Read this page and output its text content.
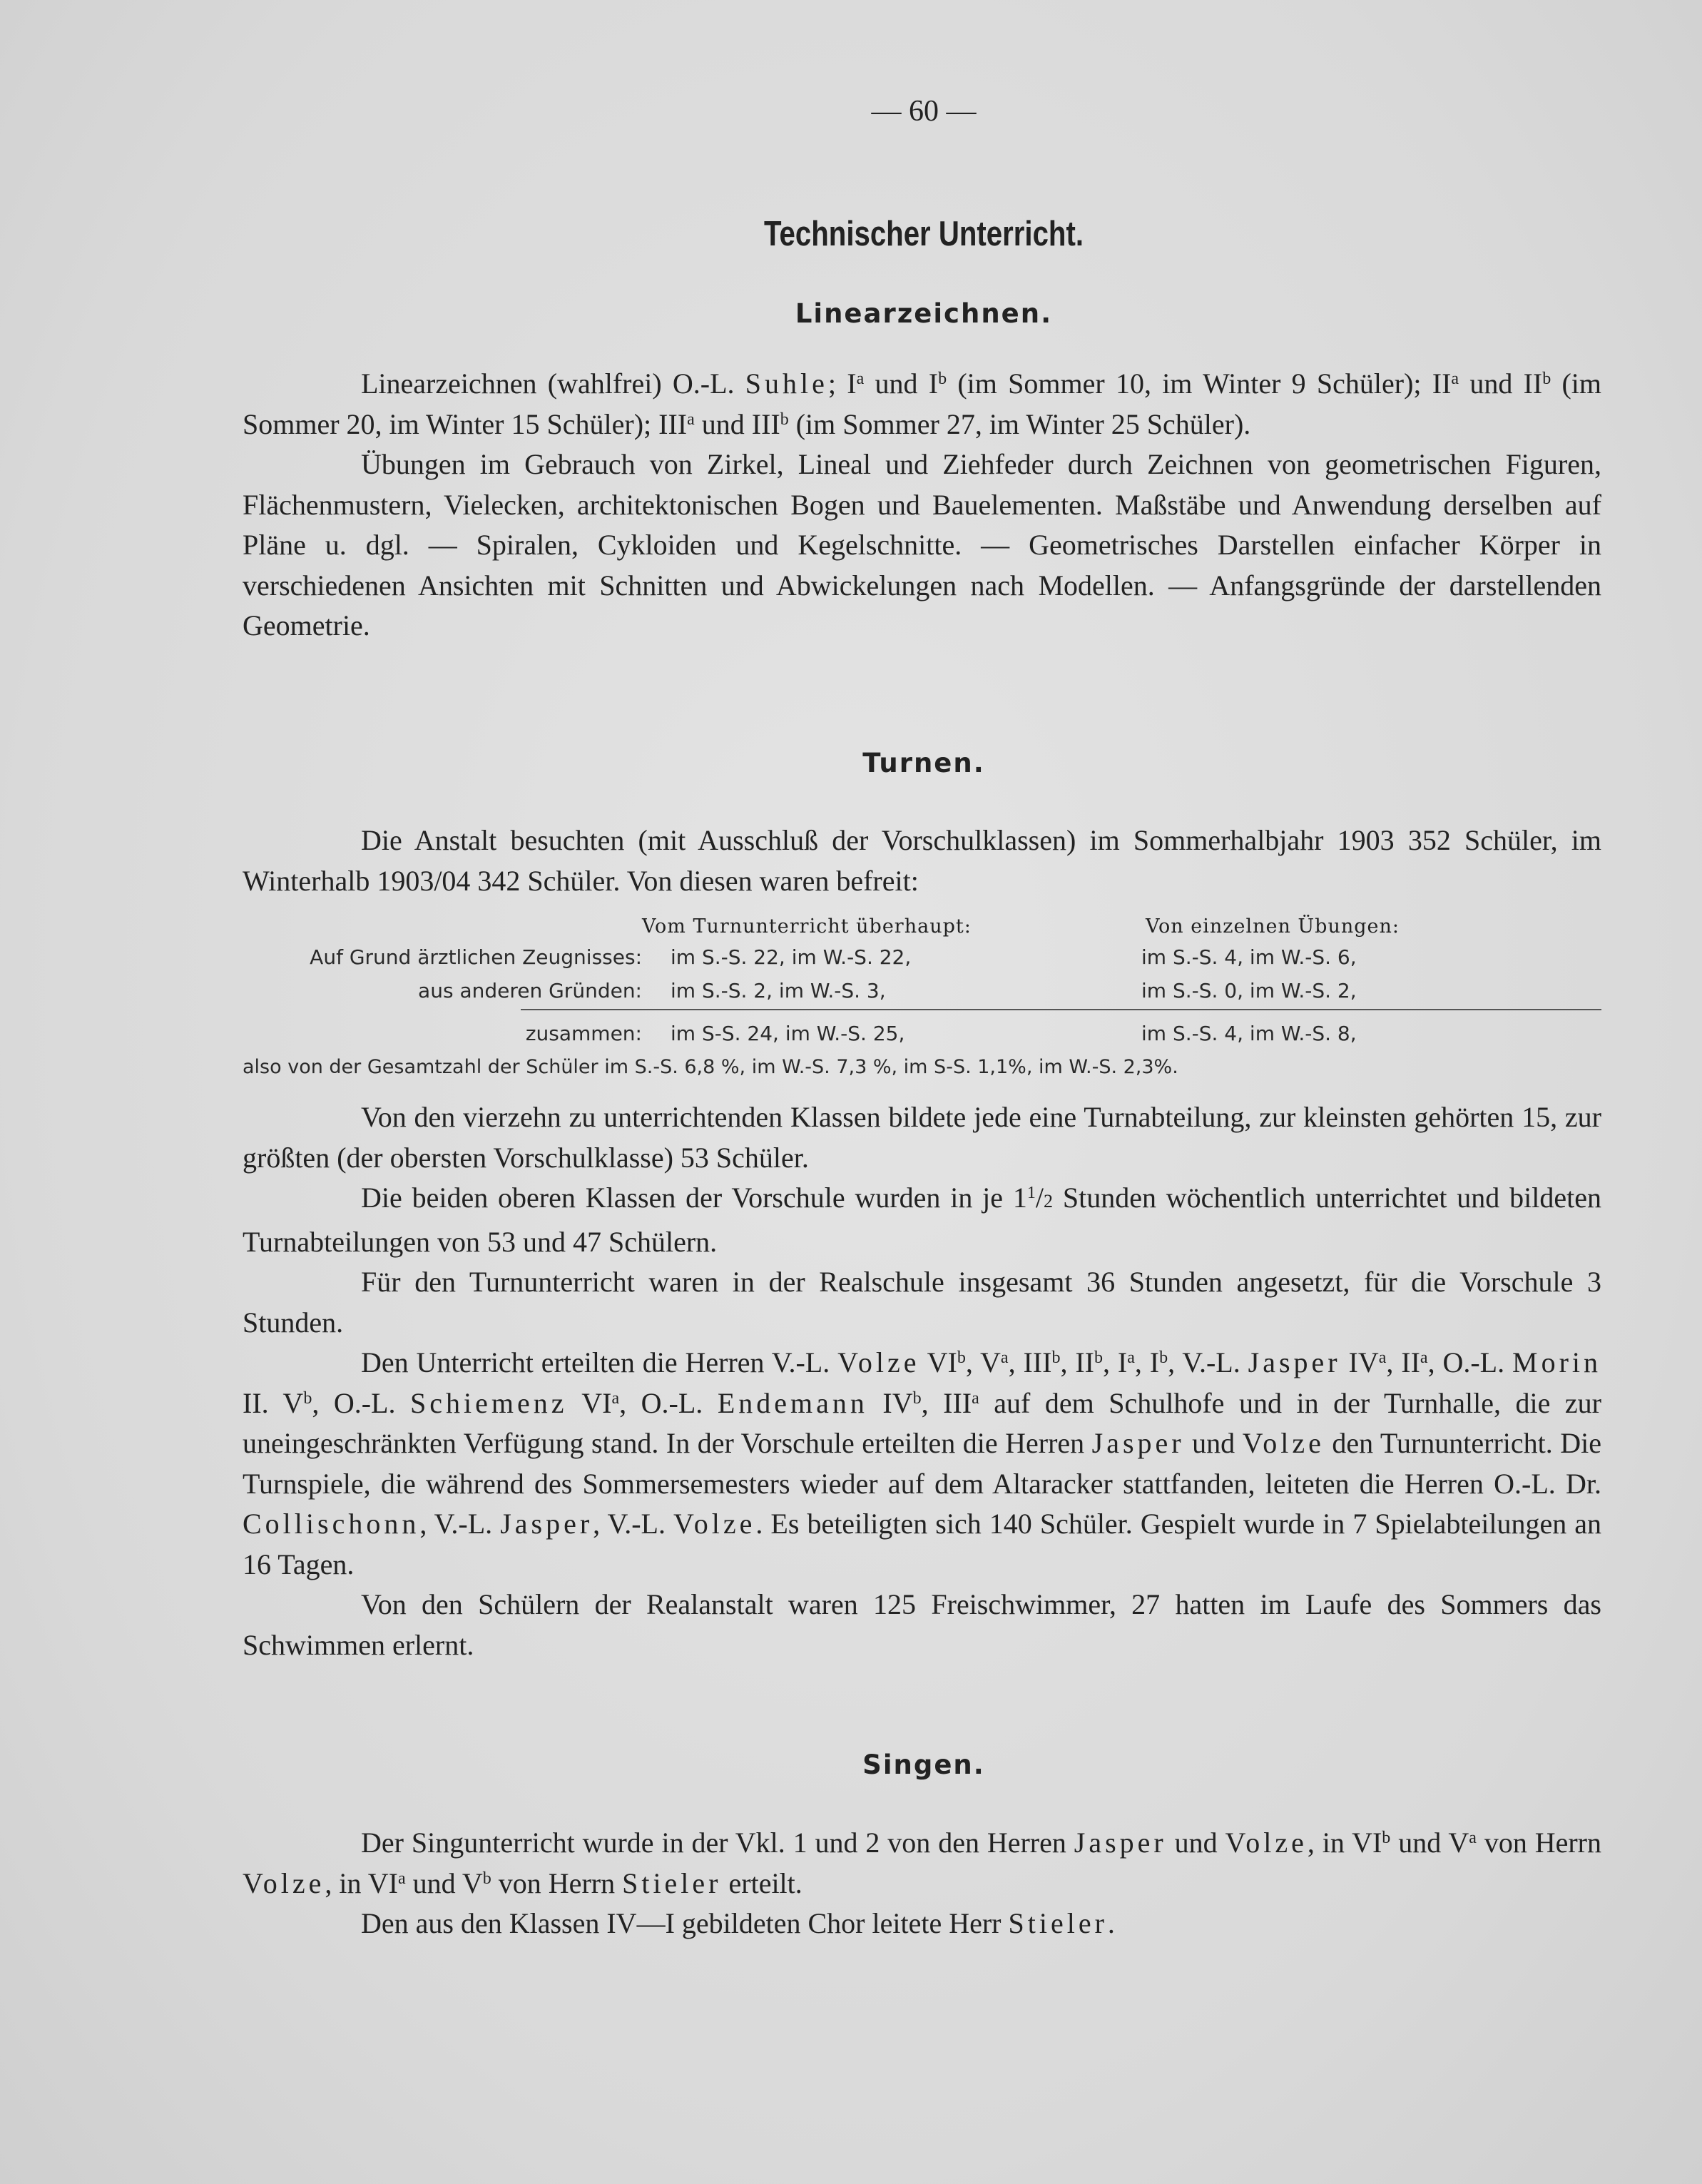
— 60 —
Technischer Unterricht.
Linearzeichnen.

Linearzeichnen (wahlfrei) O.-L. Suhle; $I^a$ und $I^b$ (im Sommer 10, im Winter 9 Schüler); $II^a$ und $II^b$ (im Sommer 20, im Winter 15 Schüler); III$^a$ und III$^b$ (im Sommer 27, im Winter 25 Schüler).

Übungen im Gebrauch von Zirkel, Lineal und Ziehfeder durch Zeichnen von geometrischen Figuren, Flächenmustern, Vielecken, architektonischen Bogen und Bauelementen. Maßstäbe und Anwendung derselben auf Pläne u. dgl. — Spiralen, Cykloiden und Kegelschnitte. — Geometrisches Darstellen einfacher Körper in verschiedenen Ansichten mit Schnitten und Abwickelungen nach Modellen. — Anfangsgründe der darstellenden Geometrie.

Turnen.

Die Anstalt besuchten (mit Ausschluß der Vorschulklassen) im Sommerhalbjahr 1903 352 Schüler, im Winterhalb 1903/04 342 Schüler. Von diesen waren befreit:

Vom Turnunterricht überhaupt:	Von einzelnen Übungen:
Auf Grund ärztlichen Zeugnisses: im S.-S. 22, im W.-S. 22,	im S.-S. 4, im W.-S. 6,
aus anderen Gründen: im S.-S. 2, im W.-S. 3,	im S.-S. 0, im W.-S. 2,
zusammen: im S-S. 24, im W.-S. 25,	im S.-S. 4, im W.-S. 8,
also von der Gesamtzahl der Schüler im S.-S. 6,8 %, im W.-S. 7,3 %, im S-S. 1,1%, im W.-S. 2,3%.

Von den vierzehn zu unterrichtenden Klassen bildete jede eine Turnabteilung, zur kleinsten gehörten 15, zur größten (der obersten Vorschulklasse) 53 Schüler.

Die beiden oberen Klassen der Vorschule wurden in je $1^1/2$ Stunden wöchentlich unterrichtet und bildeten Turnabteilungen von 53 und 47 Schülern.

Für den Turnunterricht waren in der Realschule insgesamt 36 Stunden angesetzt, für die Vorschule 3 Stunden.

Den Unterricht erteilten die Herren V.-L. Volze $VI^b$, $V^a$, III$^b$, $II^b$, $I^a$, $I^b$, V.-L. Jasper $IV^a$, $II^a$, O.-L. Morin II. $V^b$, O.-L. Schiemenz $VI^a$, O.-L. Endemann $IV^b$, III$^a$ auf dem Schulhofe und in der Turnhalle, die zur uneingeschränkten Verfügung stand. In der Vorschule erteilten die Herren Jasper und Volze den Turnunterricht. Die Turnspiele, die während des Sommersemesters wieder auf dem Altaracker stattfanden, leiteten die Herren O.-L. Dr. Collischonn, V.-L. Jasper, V.-L. Volze. Es beteiligten sich 140 Schüler. Gespielt wurde in 7 Spielabteilungen an 16 Tagen.

Von den Schülern der Realanstalt waren 125 Freischwimmer, 27 hatten im Laufe des Sommers das Schwimmen erlernt.

Singen.

Der Singunterricht wurde in der Vkl. 1 und 2 von den Herren Jasper und Volze, in $VI^b$ und $V^a$ von Herrn Volze, in $VI^a$ und $V^b$ von Herrn Stieler erteilt.

Den aus den Klassen IV—I gebildeten Chor leitete Herr Stieler.
